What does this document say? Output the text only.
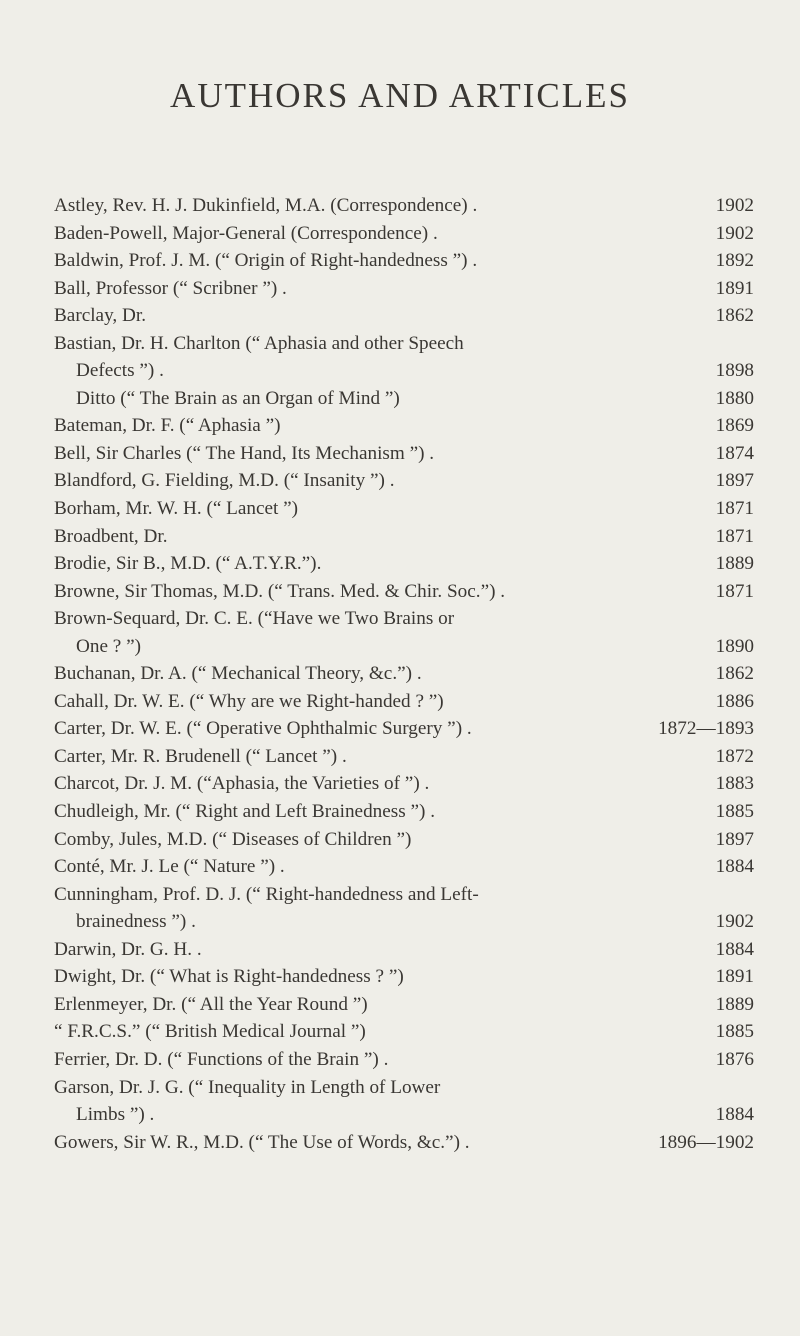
AUTHORS AND ARTICLES
Astley, Rev. H. J. Dukinfield, M.A. (Correspondence) .	1902
Baden-Powell, Major-General (Correspondence) .	1902
Baldwin, Prof. J. M. (“ Origin of Right-handedness ”) .	1892
Ball, Professor (“ Scribner ”) .	1891
Barclay, Dr.	1862
Bastian, Dr. H. Charlton (“ Aphasia and other Speech
Defects ”) .	1898
Ditto (“ The Brain as an Organ of Mind ”)	1880
Bateman, Dr. F. (“ Aphasia ”)	1869
Bell, Sir Charles (“ The Hand, Its Mechanism ”) .	1874
Blandford, G. Fielding, M.D. (“ Insanity ”) .	1897
Borham, Mr. W. H. (“ Lancet ”)	1871
Broadbent, Dr.	1871
Brodie, Sir B., M.D. (“ A.T.Y.R.”).	1889
Browne, Sir Thomas, M.D. (“ Trans. Med. & Chir. Soc.”) .	1871
Brown-Sequard, Dr. C. E. (“Have we Two Brains or
One ? ”)	1890
Buchanan, Dr. A. (“ Mechanical Theory, &c.”) .	1862
Cahall, Dr. W. E. (“ Why are we Right-handed ? ”)	1886
Carter, Dr. W. E. (“ Operative Ophthalmic Surgery ”) .	1872—1893
Carter, Mr. R. Brudenell (“ Lancet ”) .	1872
Charcot, Dr. J. M. (“Aphasia, the Varieties of ”) .	1883
Chudleigh, Mr. (“ Right and Left Brainedness ”) .	1885
Comby, Jules, M.D. (“ Diseases of Children ”)	1897
Conté, Mr. J. Le (“ Nature ”) .	1884
Cunningham, Prof. D. J. (“ Right-handedness and Left-
brainedness ”) .	1902
Darwin, Dr. G. H. .	1884
Dwight, Dr. (“ What is Right-handedness ? ”)	1891
Erlenmeyer, Dr. (“ All the Year Round ”)	1889
“ F.R.C.S.” (“ British Medical Journal ”)	1885
Ferrier, Dr. D. (“ Functions of the Brain ”) .	1876
Garson, Dr. J. G. (“ Inequality in Length of Lower
Limbs ”) .	1884
Gowers, Sir W. R., M.D. (“ The Use of Words, &c.”) .	1896—1902
